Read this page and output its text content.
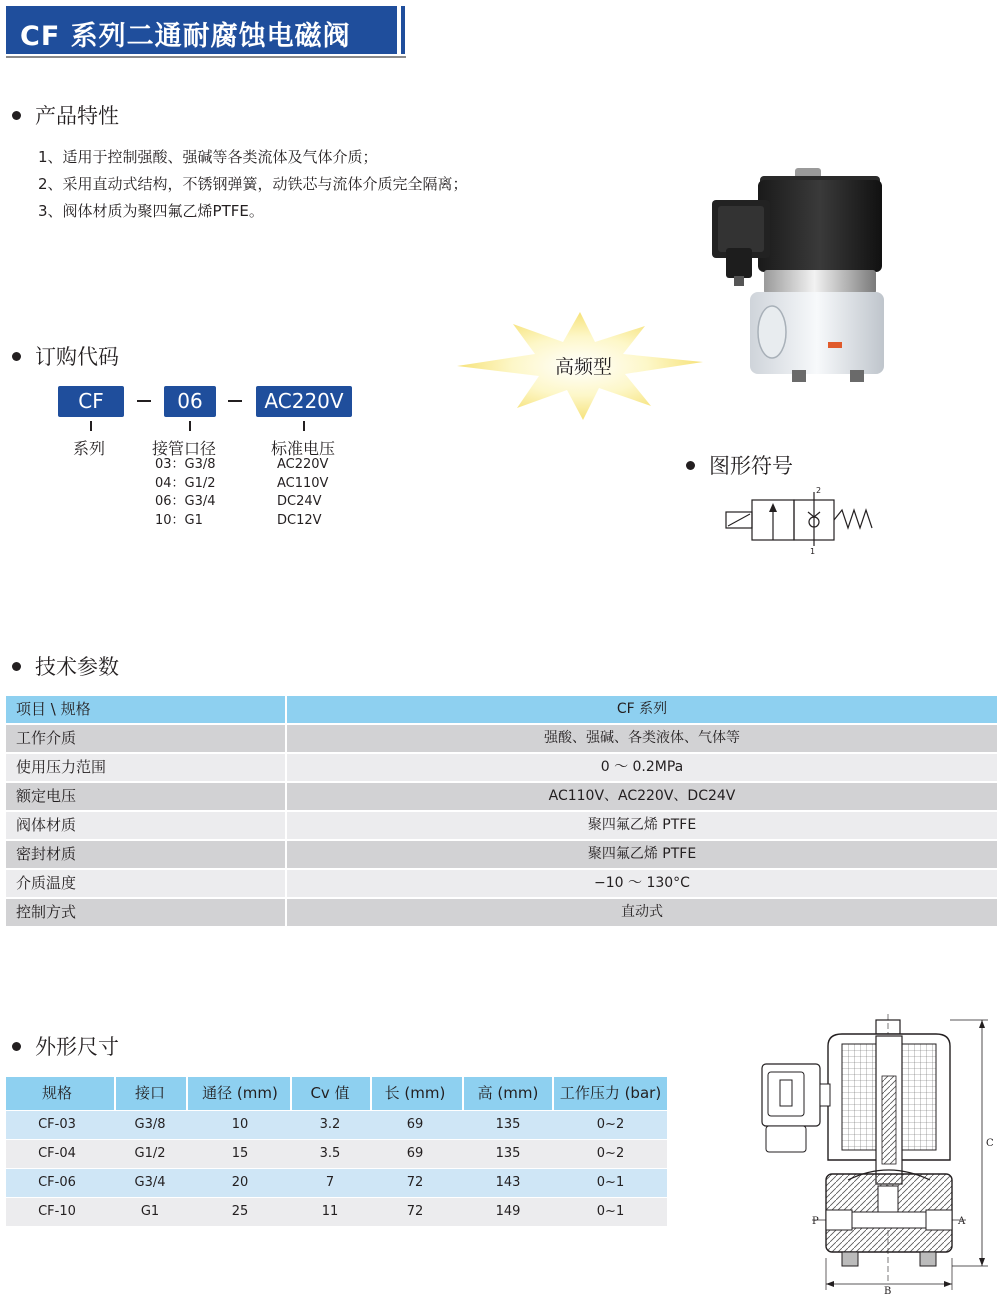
CF 系列二通耐腐蚀电磁阀
产品特性
1、适用于控制强酸、强碱等各类流体及气体介质；
2、采用直动式结构，不锈钢弹簧，动铁芯与流体介质完全隔离；
3、阀体材质为聚四氟乙烯PTFE。
订购代码
CF	06	AC220V
系列	接管口径	标准电压
03：G3/8
04：G1/2
06：G3/4
10：G1
AC220V
AC110V
DC24V
DC12V
高频型
图形符号
2
1
技术参数
项目 \ 规格	CF 系列
工作介质	强酸、强碱、各类液体、气体等
使用压力范围	0 ～ 0.2MPa
额定电压	AC110V、AC220V、DC24V
阀体材质	聚四氟乙烯 PTFE
密封材质	聚四氟乙烯 PTFE
介质温度	−10 ～ 130°C
控制方式	直动式
外形尺寸
规格	接口	通径 (mm)	Cv 值	长 (mm)	高 (mm)	工作压力 (bar)
CF-03	G3/8	10	3.2	69	135	0~2
CF-04	G1/2	15	3.5	69	135	0~2
CF-06	G3/4	20	7	72	143	0~1
CF-10	G1	25	11	72	149	0~1
P	A
B
C
